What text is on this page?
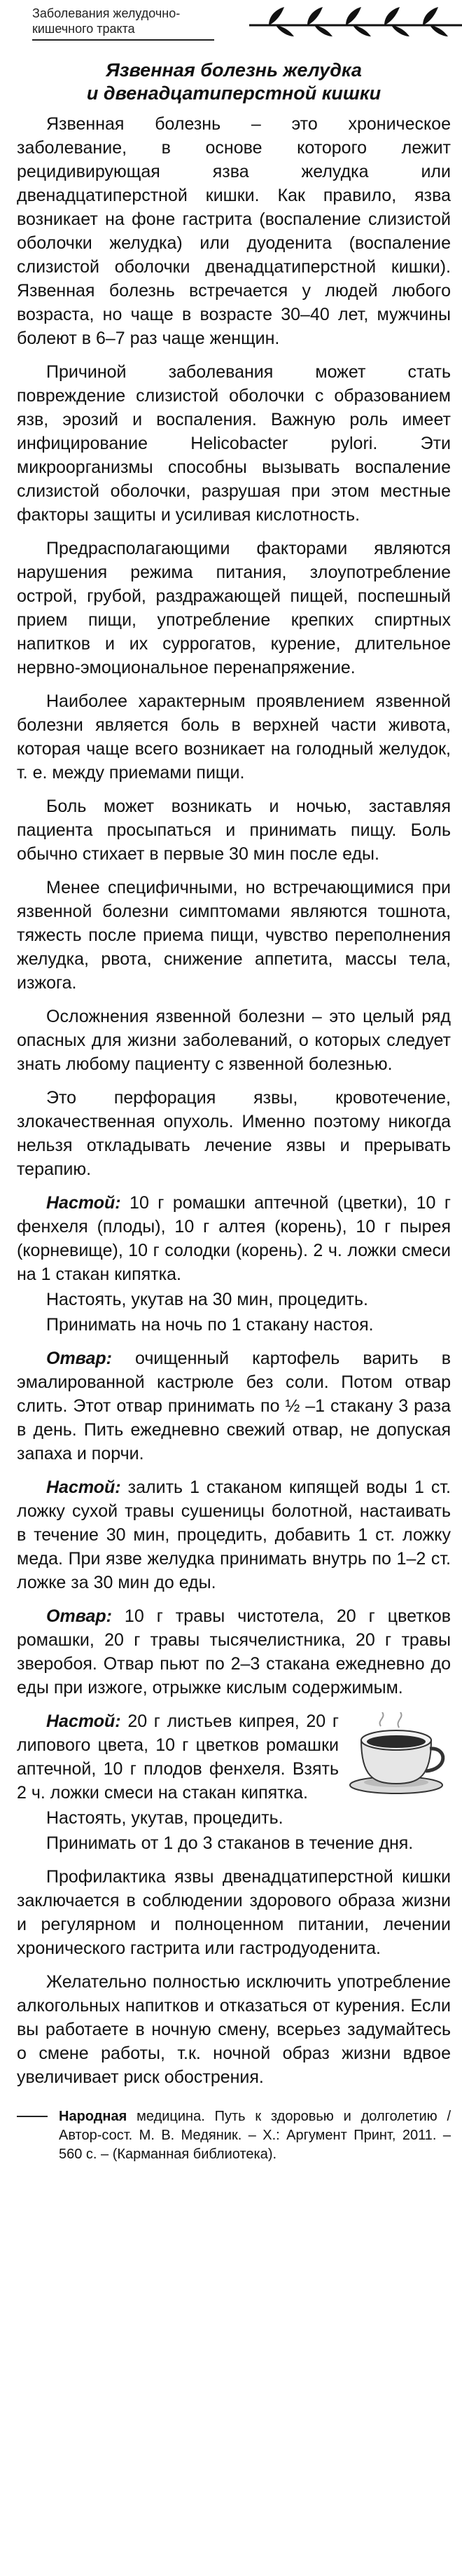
Заболевания желудочно-кишечного тракта
Язвенная болезнь желудка
и двенадцатиперстной кишки

Язвенная болезнь – это хроническое заболевание, в основе которого лежит рецидивирующая язва желудка или двенадцатиперстной кишки. Как правило, язва возникает на фоне гастрита (воспаление слизистой оболочки желудка) или дуоденита (воспаление слизистой оболочки двенадцатиперстной кишки). Язвенная болезнь встречается у людей любого возраста, но чаще в возрасте 30–40 лет, мужчины болеют в 6–7 раз чаще женщин.

Причиной заболевания может стать повреждение слизистой оболочки с образованием язв, эрозий и воспаления. Важную роль имеет инфицирование Helicobacter pylori. Эти микроорганизмы способны вызывать воспаление слизистой оболочки, разрушая при этом местные факторы защиты и усиливая кислотность.

Предрасполагающими факторами являются нарушения режима питания, злоупотребление острой, грубой, раздражающей пищей, поспешный прием пищи, употребление крепких спиртных напитков и их суррогатов, курение, длительное нервно-эмоциональное перенапряжение.

Наиболее характерным проявлением язвенной болезни является боль в верхней части живота, которая чаще всего возникает на голодный желудок, т. е. между приемами пищи.

Боль может возникать и ночью, заставляя пациента просыпаться и принимать пищу. Боль обычно стихает в первые 30 мин после еды.

Менее специфичными, но встречающимися при язвенной болезни симптомами являются тошнота, тяжесть после приема пищи, чувство переполнения желудка, рвота, снижение аппетита, массы тела, изжога.

Осложнения язвенной болезни – это целый ряд опасных для жизни заболеваний, о которых следует знать любому пациенту с язвенной болезнью.

Это перфорация язвы, кровотечение, злокачественная опухоль. Именно поэтому никогда нельзя откладывать лечение язвы и прерывать терапию.

Настой: 10 г ромашки аптечной (цветки), 10 г фенхеля (плоды), 10 г алтея (корень), 10 г пырея (корневище), 10 г солодки (корень). 2 ч. ложки смеси на 1 стакан кипятка.

Настоять, укутав на 30 мин, процедить.

Принимать на ночь по 1 стакану настоя.

Отвар: очищенный картофель варить в эмалированной кастрюле без соли. Потом отвар слить. Этот отвар принимать по ½ –1 стакану 3 раза в день. Пить ежедневно свежий отвар, не допуская запаха и порчи.

Настой: залить 1 стаканом кипящей воды 1 ст. ложку сухой травы сушеницы болотной, настаивать в течение 30 мин, процедить, добавить 1 ст. ложку меда. При язве желудка принимать внутрь по 1–2 ст. ложке за 30 мин до еды.

Отвар: 10 г травы чистотела, 20 г цветков ромашки, 20 г травы тысячелистника, 20 г травы зверобоя. Отвар пьют по 2–3 стакана ежедневно до еды при изжоге, отрыжке кислым содержимым.

Настой: 20 г листьев кипрея, 20 г липового цвета, 10 г цветков ромашки аптечной, 10 г плодов фенхеля. Взять 2 ч. ложки смеси на стакан кипятка.

Настоять, укутав, процедить.

Принимать от 1 до 3 стаканов в течение дня.

Профилактика язвы двенадцатиперстной кишки заключается в соблюдении здорового образа жизни и регулярном и полноценном питании, лечении хронического гастрита или гастродуоденита.

Желательно полностью исключить употребление алкогольных напитков и отказаться от курения. Если вы работаете в ночную смену, всерьез задумайтесь о смене работы, т.к. ночной образ жизни вдвое увеличивает риск обострения.

Народная медицина. Путь к здоровью и долголетию / Автор-сост. М. В. Медяник. – Х.: Аргумент Принт, 2011. – 560 с. – (Карманная библиотека).
